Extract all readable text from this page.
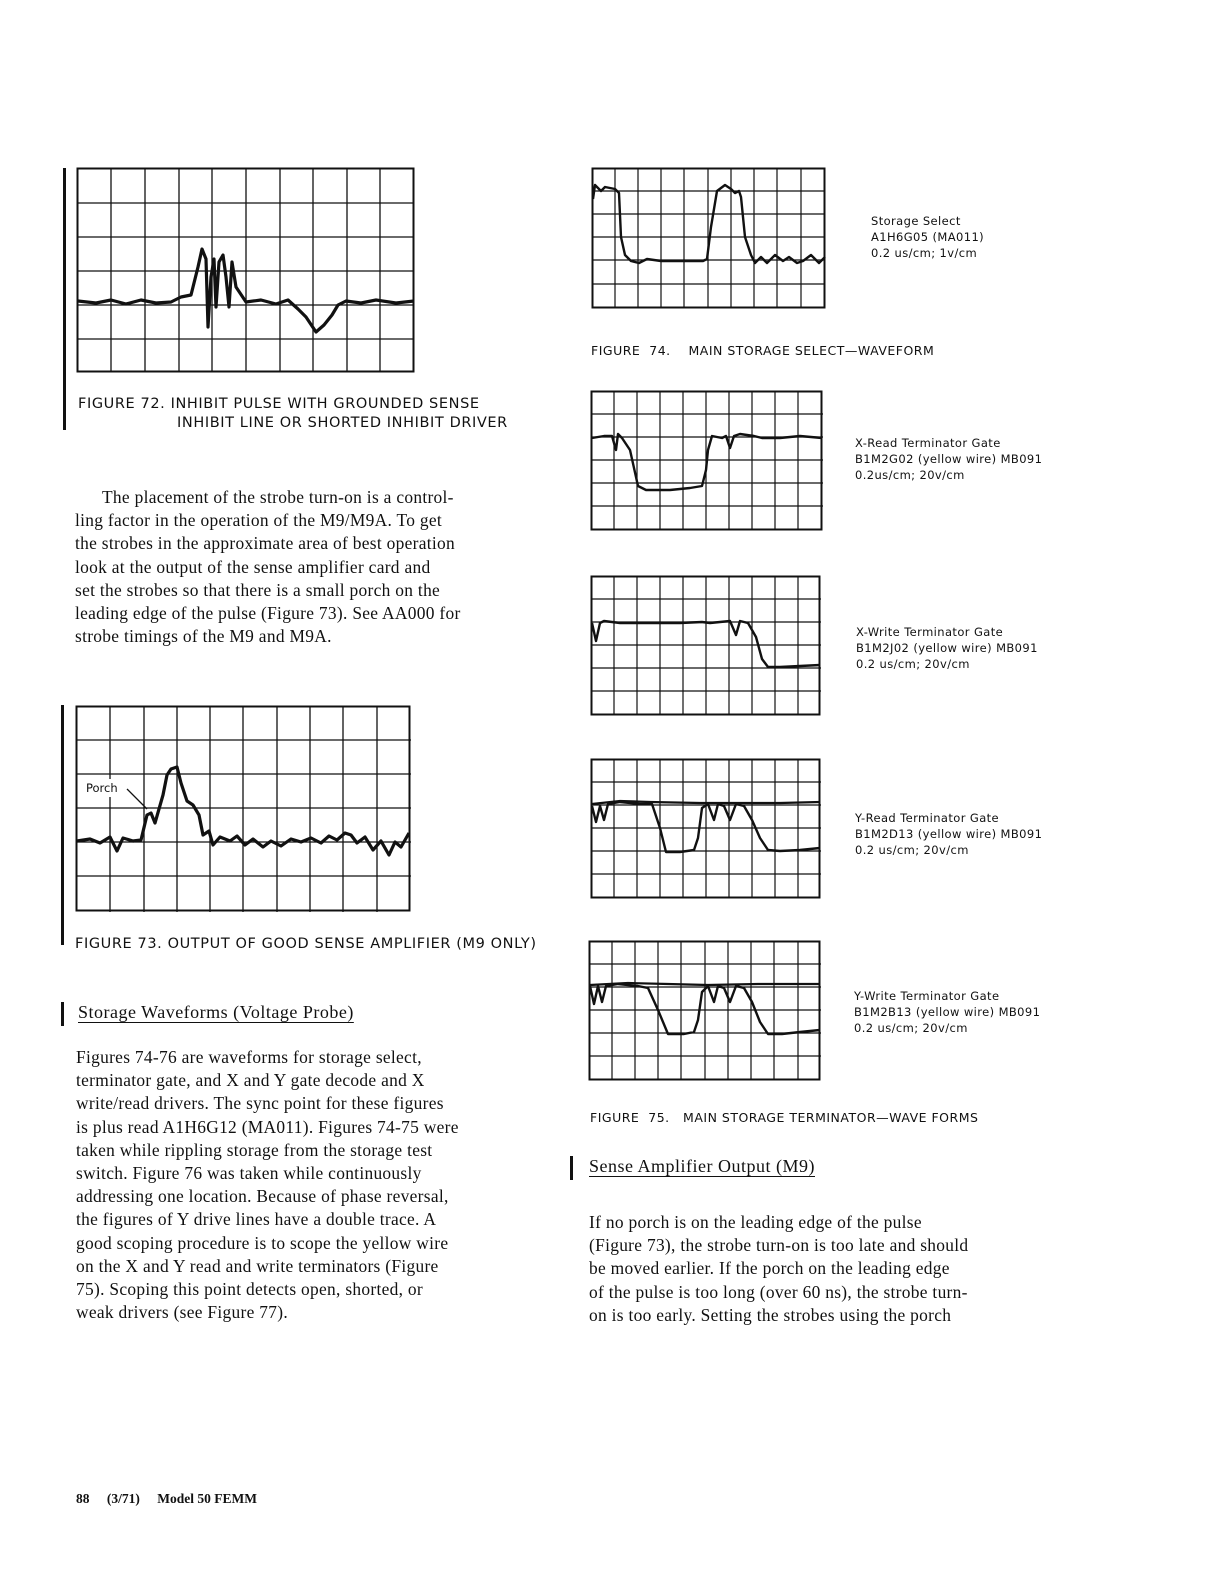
FIGURE 72. INHIBIT PULSE WITH GROUNDED SENSE
INHIBIT LINE OR SHORTED INHIBIT DRIVER
The placement of the strobe turn-on is a control-
ling factor in the operation of the M9/M9A. To get
the strobes in the approximate area of best operation
look at the output of the sense amplifier card and
set the strobes so that there is a small porch on the
leading edge of the pulse (Figure 73). See AA000 for
strobe timings of the M9 and M9A.
Porch
FIGURE 73. OUTPUT OF GOOD SENSE AMPLIFIER (M9 ONLY)
Storage Waveforms (Voltage Probe)
Figures 74-76 are waveforms for storage select,
terminator gate, and X and Y gate decode and X
write/read drivers. The sync point for these figures
is plus read A1H6G12 (MA011). Figures 74-75 were
taken while rippling storage from the storage test
switch. Figure 76 was taken while continuously
addressing one location. Because of phase reversal,
the figures of Y drive lines have a double trace. A
good scoping procedure is to scope the yellow wire
on the X and Y read and write terminators (Figure
75). Scoping this point detects open, shorted, or
weak drivers (see Figure 77).
Storage Select
A1H6G05 (MA011)
0.2 us/cm; 1v/cm
FIGURE  74.    MAIN STORAGE SELECT—WAVEFORM
X-Read Terminator Gate
B1M2G02 (yellow wire) MB091
0.2us/cm; 20v/cm
X-Write Terminator Gate
B1M2J02 (yellow wire) MB091
0.2 us/cm; 20v/cm
Y-Read Terminator Gate
B1M2D13 (yellow wire) MB091
0.2 us/cm; 20v/cm
Y-Write Terminator Gate
B1M2B13 (yellow wire) MB091
0.2 us/cm; 20v/cm
FIGURE  75.   MAIN STORAGE TERMINATOR—WAVE FORMS
Sense Amplifier Output (M9)
If no porch is on the leading edge of the pulse
(Figure 73), the strobe turn-on is too late and should
be moved earlier. If the porch on the leading edge
of the pulse is too long (over 60 ns), the strobe turn-
on is too early. Setting the strobes using the porch
88 (3/71) Model 50 FEMM
